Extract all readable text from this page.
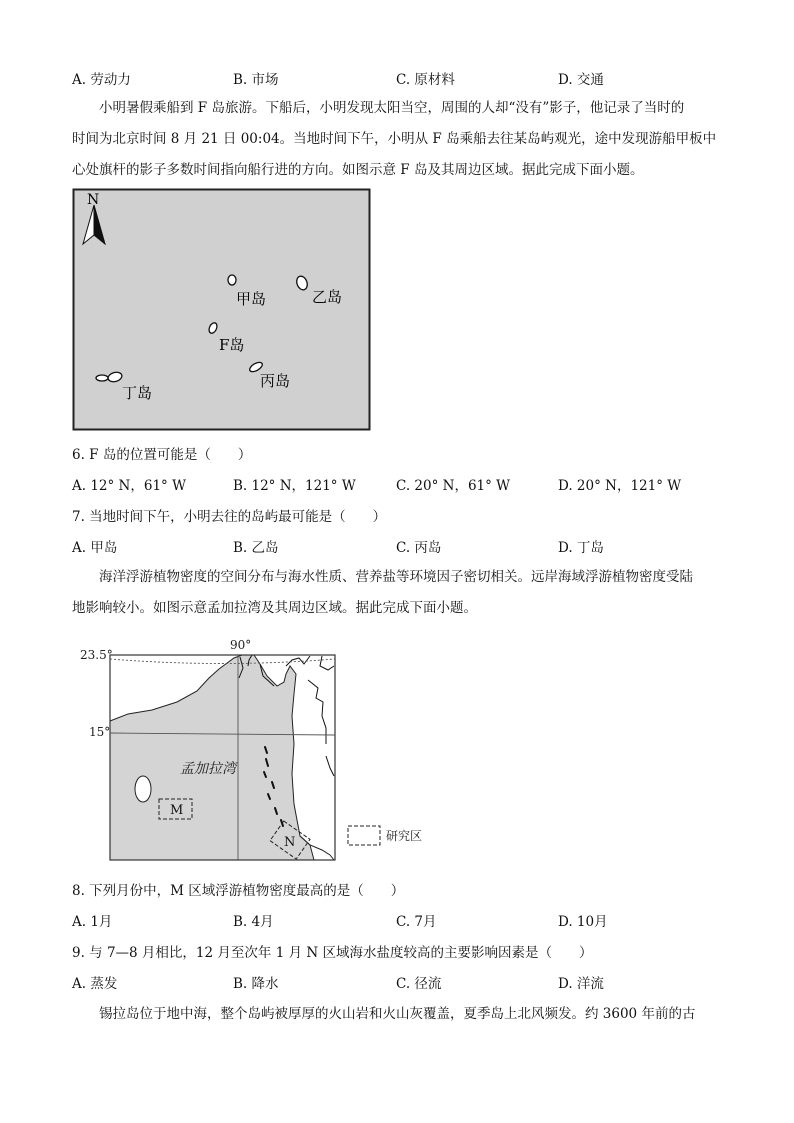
A. 劳动力	B. 市场	C. 原材料	D. 交通
小明暑假乘船到 F 岛旅游。下船后，小明发现太阳当空，周围的人却“没有”影子，他记录了当时的
时间为北京时间 8 月 21 日 00:04。当地时间下午，小明从 F 岛乘船去往某岛屿观光，途中发现游船甲板中
心处旗杆的影子多数时间指向船行进的方向。如图示意 F 岛及其周边区域。据此完成下面小题。
N
甲岛	乙岛
F岛
丙岛
丁岛
6. F 岛的位置可能是（　　）
A. 12° N，61° W	B. 12° N，121° W	C. 20° N，61° W	D. 20° N，121° W
7. 当地时间下午，小明去往的岛屿最可能是（　　）
A. 甲岛	B. 乙岛	C. 丙岛	D. 丁岛
海洋浮游植物密度的空间分布与海水性质、营养盐等环境因子密切相关。远岸海域浮游植物密度受陆
地影响较小。如图示意孟加拉湾及其周边区域。据此完成下面小题。
23.5°
15°
90°
孟加拉湾
M
N	研究区
8. 下列月份中，M 区域浮游植物密度最高的是（　　）
A. 1月	B. 4月	C. 7月	D. 10月
9. 与 7—8 月相比，12 月至次年 1 月 N 区域海水盐度较高的主要影响因素是（　　）
A. 蒸发	B. 降水	C. 径流	D. 洋流
锡拉岛位于地中海，整个岛屿被厚厚的火山岩和火山灰覆盖，夏季岛上北风频发。约 3600 年前的古
